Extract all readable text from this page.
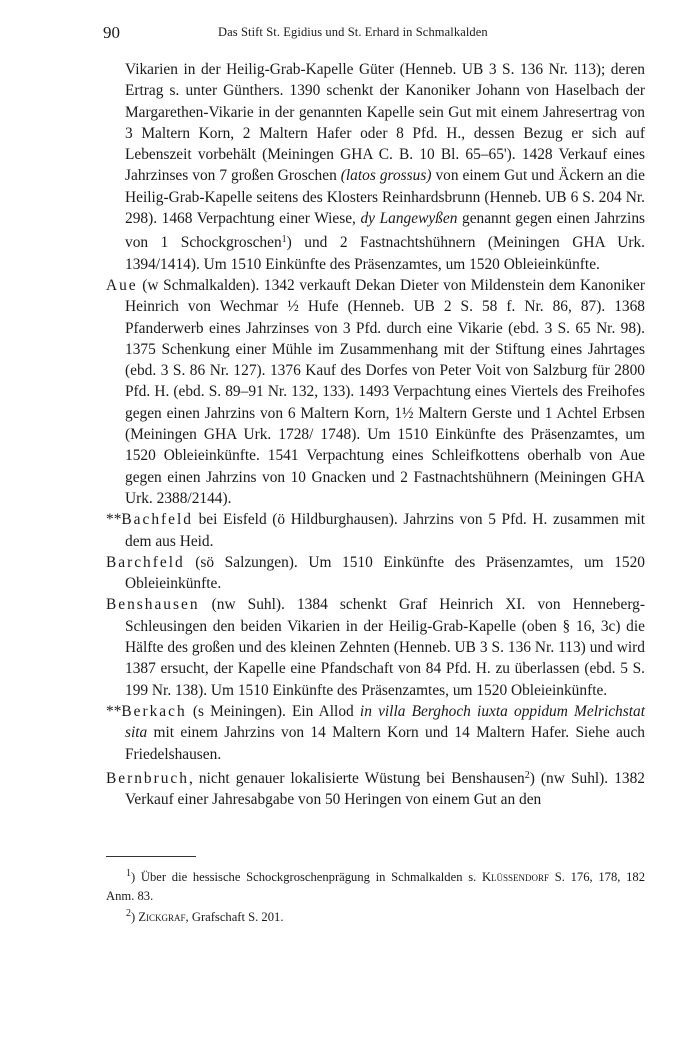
90	Das Stift St. Egidius und St. Erhard in Schmalkalden

Vikarien in der Heilig-Grab-Kapelle Güter (Henneb. UB 3 S. 136 Nr. 113); deren Ertrag s. unter Günthers. 1390 schenkt der Kanoniker Johann von Haselbach der Margarethen-Vikarie in der genannten Kapelle sein Gut mit einem Jahresertrag von 3 Maltern Korn, 2 Maltern Hafer oder 8 Pfd. H., dessen Bezug er sich auf Lebenszeit vorbehält (Meiningen GHA C. B. 10 Bl. 65–65'). 1428 Verkauf eines Jahrzinses von 7 großen Groschen (latos grossus) von einem Gut und Äckern an die Heilig-Grab-Kapelle seitens des Klosters Reinhardsbrunn (Henneb. UB 6 S. 204 Nr. 298). 1468 Verpachtung einer Wiese, dy Langewyßen genannt gegen einen Jahrzins von 1 Schockgroschen$^1$) und 2 Fastnachtshühnern (Meiningen GHA Urk. 1394/1414). Um 1510 Einkünfte des Präsenzamtes, um 1520 Obleieinkünfte.

Aue (w Schmalkalden). 1342 verkauft Dekan Dieter von Mildenstein dem Kanoniker Heinrich von Wechmar ½ Hufe (Henneb. UB 2 S. 58 f. Nr. 86, 87). 1368 Pfanderwerb eines Jahrzinses von 3 Pfd. durch eine Vikarie (ebd. 3 S. 65 Nr. 98). 1375 Schenkung einer Mühle im Zusammenhang mit der Stiftung eines Jahrtages (ebd. 3 S. 86 Nr. 127). 1376 Kauf des Dorfes von Peter Voit von Salzburg für 2800 Pfd. H. (ebd. S. 89–91 Nr. 132, 133). 1493 Verpachtung eines Viertels des Freihofes gegen einen Jahrzins von 6 Maltern Korn, 1½ Maltern Gerste und 1 Achtel Erbsen (Meiningen GHA Urk. 1728/ 1748). Um 1510 Einkünfte des Präsenzamtes, um 1520 Obleieinkünfte. 1541 Verpachtung eines Schleifkottens oberhalb von Aue gegen einen Jahrzins von 10 Gnacken und 2 Fastnachtshühnern (Meiningen GHA Urk. 2388/2144).

**Bachfeld bei Eisfeld (ö Hildburghausen). Jahrzins von 5 Pfd. H. zusammen mit dem aus Heid.

Barchfeld (sö Salzungen). Um 1510 Einkünfte des Präsenzamtes, um 1520 Obleieinkünfte.

Benshausen (nw Suhl). 1384 schenkt Graf Heinrich XI. von Henneberg-Schleusingen den beiden Vikarien in der Heilig-Grab-Kapelle (oben § 16, 3c) die Hälfte des großen und des kleinen Zehnten (Henneb. UB 3 S. 136 Nr. 113) und wird 1387 ersucht, der Kapelle eine Pfandschaft von 84 Pfd. H. zu überlassen (ebd. 5 S. 199 Nr. 138). Um 1510 Einkünfte des Präsenzamtes, um 1520 Obleieinkünfte.

**Berkach (s Meiningen). Ein Allod in villa Berghoch iuxta oppidum Melrichstat sita mit einem Jahrzins von 14 Maltern Korn und 14 Maltern Hafer. Siehe auch Friedelshausen.

Bernbruch, nicht genauer lokalisierte Wüstung bei Benshausen$^2$) (nw Suhl). 1382 Verkauf einer Jahresabgabe von 50 Heringen von einem Gut an den

$^1$) Über die hessische Schockgroschenprägung in Schmalkalden s. Klüssendorf S. 176, 178, 182 Anm. 83.

$^2$) Zickgraf, Grafschaft S. 201.
